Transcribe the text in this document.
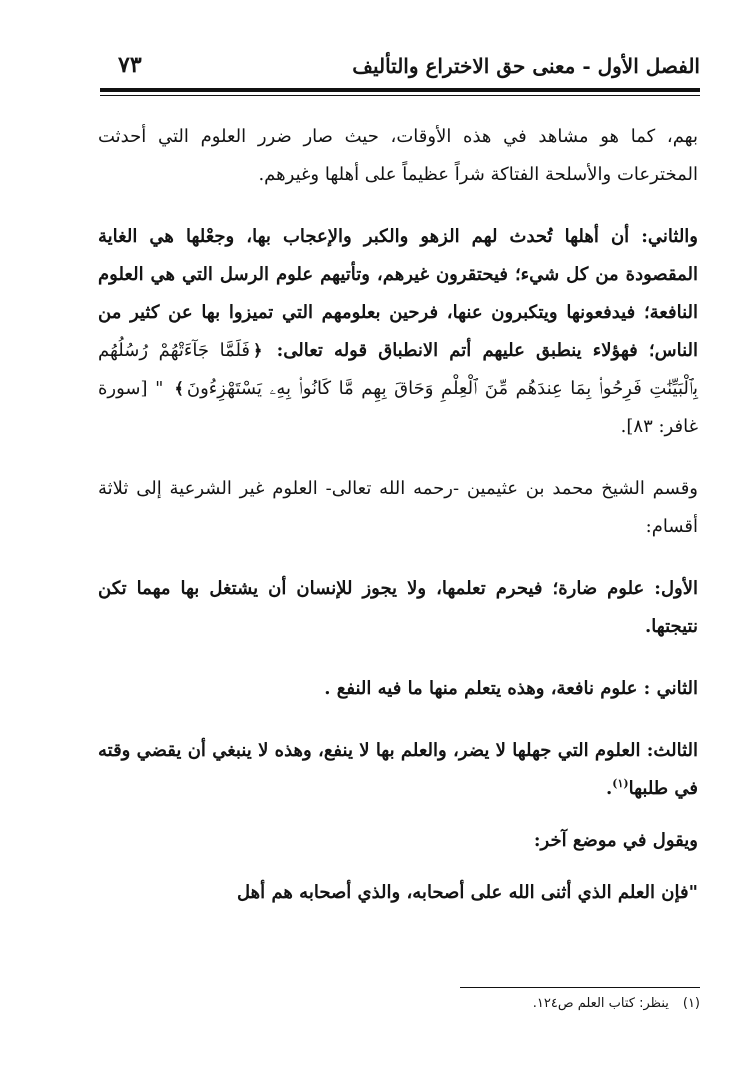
الفصل الأول - معنى حق الاختراع والتأليف
٧٣

بهم، كما هو مشاهد في هذه الأوقات، حيث صار ضرر العلوم التي أحدثت المخترعات والأسلحة الفتاكة شراً عظيماً على أهلها وغيرهم.

والثاني: أن أهلها تُحدث لهم الزهو والكبر والإعجاب بها، وجعْلها هي الغاية المقصودة من كل شيء؛ فيحتقرون غيرهم، وتأتيهم علوم الرسل التي هي العلوم النافعة؛ فيدفعونها ويتكبرون عنها، فرحين بعلومهم التي تميزوا بها عن كثير من الناس؛ فهؤلاء ينطبق عليهم أتم الانطباق قوله تعالى: ﴿فَلَمَّا جَآءَتْهُمْ رُسُلُهُم بِٱلْبَيِّنَٰتِ فَرِحُوا۟ بِمَا عِندَهُم مِّنَ ٱلْعِلْمِ وَحَاقَ بِهِم مَّا كَانُوا۟ بِهِۦ يَسْتَهْزِءُونَ﴾ " [سورة غافر: ٨٣].

وقسم الشيخ محمد بن عثيمين -رحمه الله تعالى- العلوم غير الشرعية إلى ثلاثة أقسام:

الأول: علوم ضارة؛ فيحرم تعلمها، ولا يجوز للإنسان أن يشتغل بها مهما تكن نتيجتها.

الثاني : علوم نافعة، وهذه يتعلم منها ما فيه النفع .

الثالث: العلوم التي جهلها لا يضر، والعلم بها لا ينفع، وهذه لا ينبغي أن يقضي وقته في طلبها$^{(١)}$.

ويقول في موضع آخر:

"فإن العلم الذي أثنى الله على أصحابه، والذي أصحابه هم أهل

(١)ينظر: كتاب العلم ص١٢٤.
